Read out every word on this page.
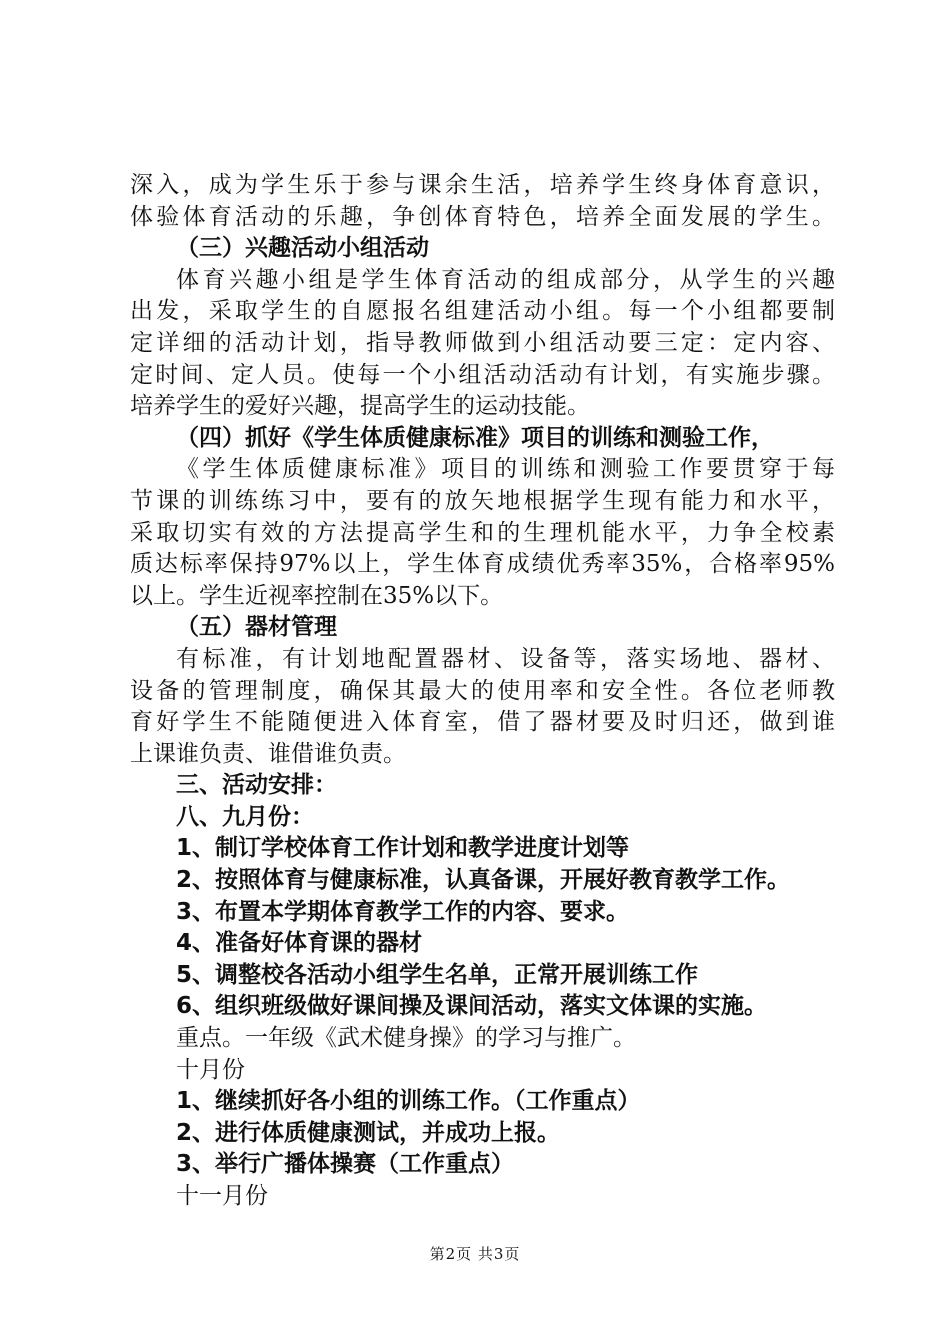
深入，成为学生乐于参与课余生活，培养学生终身体育意识，
体验体育活动的乐趣，争创体育特色，培养全面发展的学生。
（三）兴趣活动小组活动
体育兴趣小组是学生体育活动的组成部分，从学生的兴趣
出发，采取学生的自愿报名组建活动小组。每一个小组都要制
定详细的活动计划，指导教师做到小组活动要三定：定内容、
定时间、定人员。使每一个小组活动活动有计划，有实施步骤。
培养学生的爱好兴趣，提高学生的运动技能。
（四）抓好《学生体质健康标准》项目的训练和测验工作，
《学生体质健康标准》项目的训练和测验工作要贯穿于每
节课的训练练习中，要有的放矢地根据学生现有能力和水平，
采取切实有效的方法提高学生和的生理机能水平，力争全校素
质达标率保持97%以上，学生体育成绩优秀率35%，合格率95%
以上。学生近视率控制在35%以下。
（五）器材管理
有标准，有计划地配置器材、设备等，落实场地、器材、
设备的管理制度，确保其最大的使用率和安全性。各位老师教
育好学生不能随便进入体育室，借了器材要及时归还，做到谁
上课谁负责、谁借谁负责。
三、活动安排：
八、九月份：
1、制订学校体育工作计划和教学进度计划等
2、按照体育与健康标准，认真备课，开展好教育教学工作。
3、布置本学期体育教学工作的内容、要求。
4、准备好体育课的器材
5、调整校各活动小组学生名单，正常开展训练工作
6、组织班级做好课间操及课间活动，落实文体课的实施。
重点。一年级《武术健身操》的学习与推广。
十月份
1、继续抓好各小组的训练工作。（工作重点）
2、进行体质健康测试，并成功上报。
3、举行广播体操赛（工作重点）
十一月份
第2页 共3页
